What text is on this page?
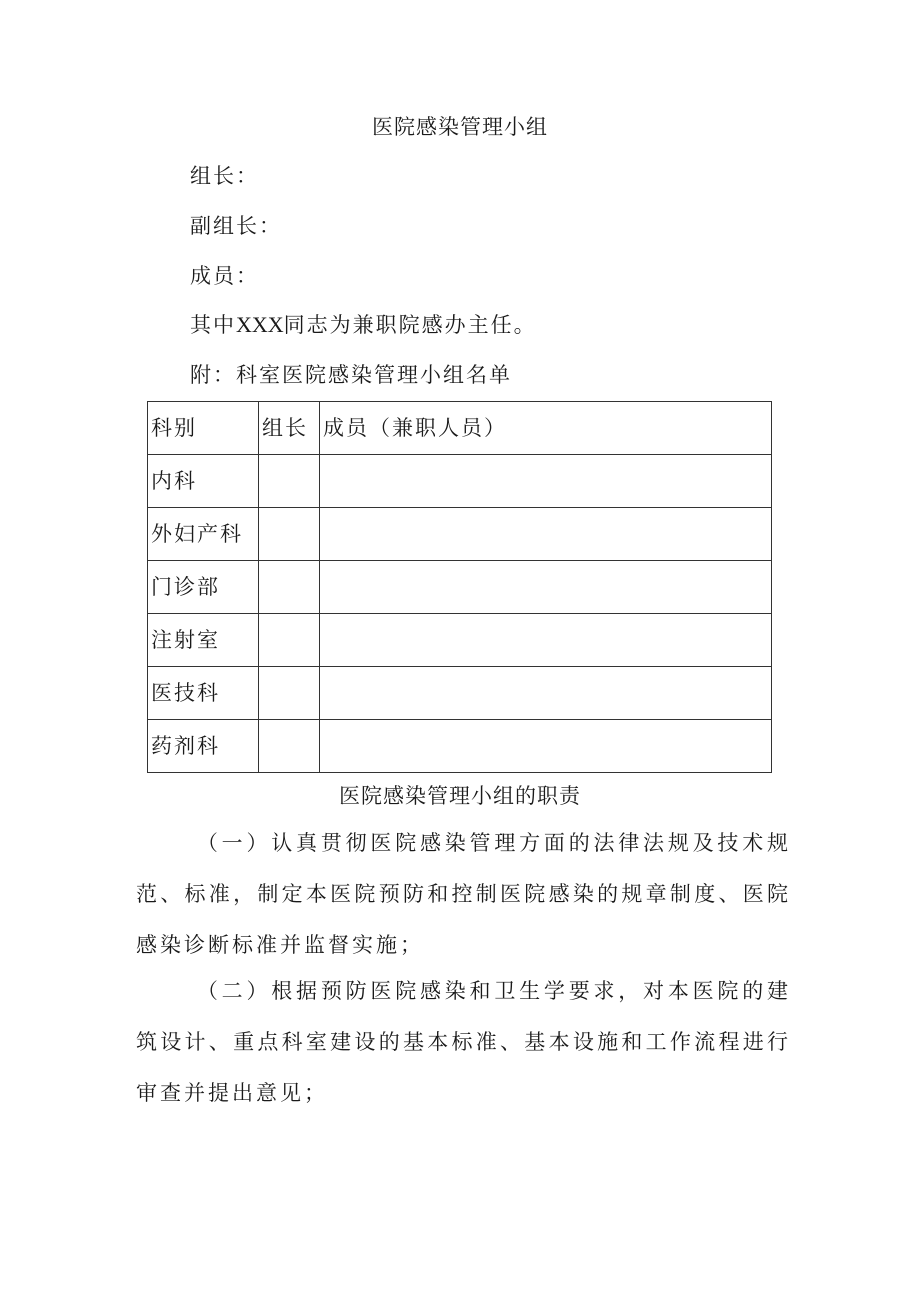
医院感染管理小组
组长：
副组长：
成员：
其中XXX同志为兼职院感办主任。
附：科室医院感染管理小组名单
科别	组长	成员（兼职人员）
内科		
外妇产科		
门诊部		
注射室		
医技科		
药剂科		
医院感染管理小组的职责
（一）认真贯彻医院感染管理方面的法律法规及技术规范、标准，制定本医院预防和控制医院感染的规章制度、医院感染诊断标准并监督实施；
（二）根据预防医院感染和卫生学要求，对本医院的建筑设计、重点科室建设的基本标准、基本设施和工作流程进行审查并提出意见；
